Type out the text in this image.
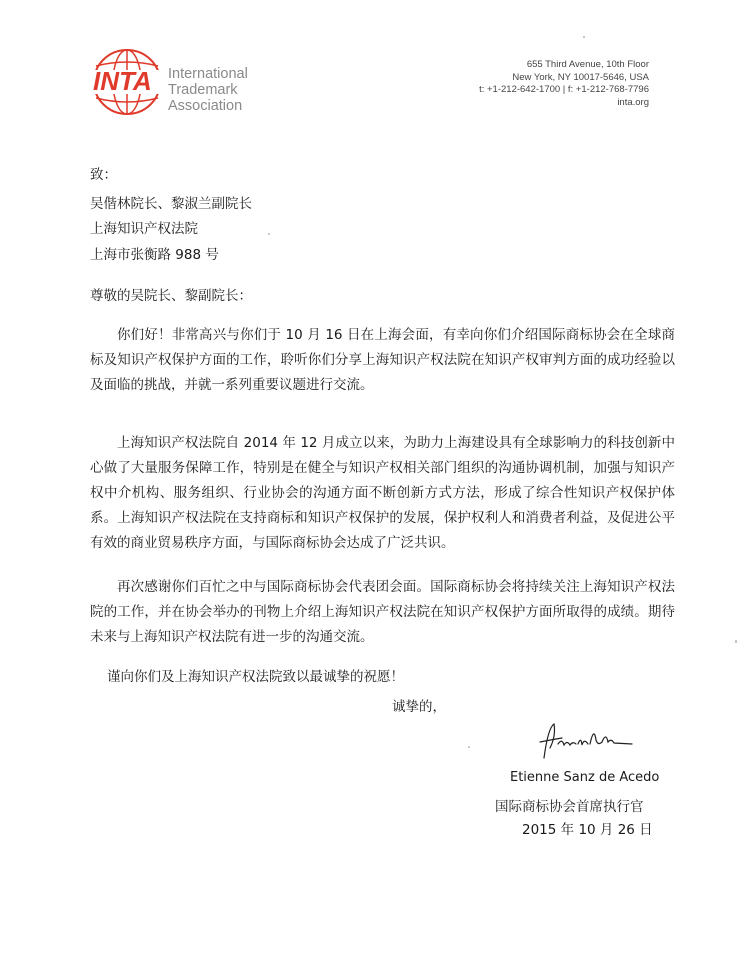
INTA International
Trademark
Association
655 Third Avenue, 10th Floor
New York, NY 10017-5646, USA
t: +1-212-642-1700 | f: +1-212-768-7796
inta.org
致：
吴偕林院长、黎淑兰副院长
上海知识产权法院
上海市张衡路 988 号
尊敬的吴院长、黎副院长：
你们好！非常高兴与你们于 10 月 16 日在上海会面，有幸向你们介绍国际商标协会在全球商标及知识产权保护方面的工作，聆听你们分享上海知识产权法院在知识产权审判方面的成功经验以及面临的挑战，并就一系列重要议题进行交流。
上海知识产权法院自 2014 年 12 月成立以来，为助力上海建设具有全球影响力的科技创新中心做了大量服务保障工作，特别是在健全与知识产权相关部门组织的沟通协调机制，加强与知识产权中介机构、服务组织、行业协会的沟通方面不断创新方式方法，形成了综合性知识产权保护体系。上海知识产权法院在支持商标和知识产权保护的发展，保护权利人和消费者利益，及促进公平有效的商业贸易秩序方面，与国际商标协会达成了广泛共识。
再次感谢你们百忙之中与国际商标协会代表团会面。国际商标协会将持续关注上海知识产权法院的工作，并在协会举办的刊物上介绍上海知识产权法院在知识产权保护方面所取得的成绩。期待未来与上海知识产权法院有进一步的沟通交流。
谨向你们及上海知识产权法院致以最诚挚的祝愿！
诚挚的，
Etienne Sanz de Acedo
国际商标协会首席执行官
2015 年 10 月 26 日
